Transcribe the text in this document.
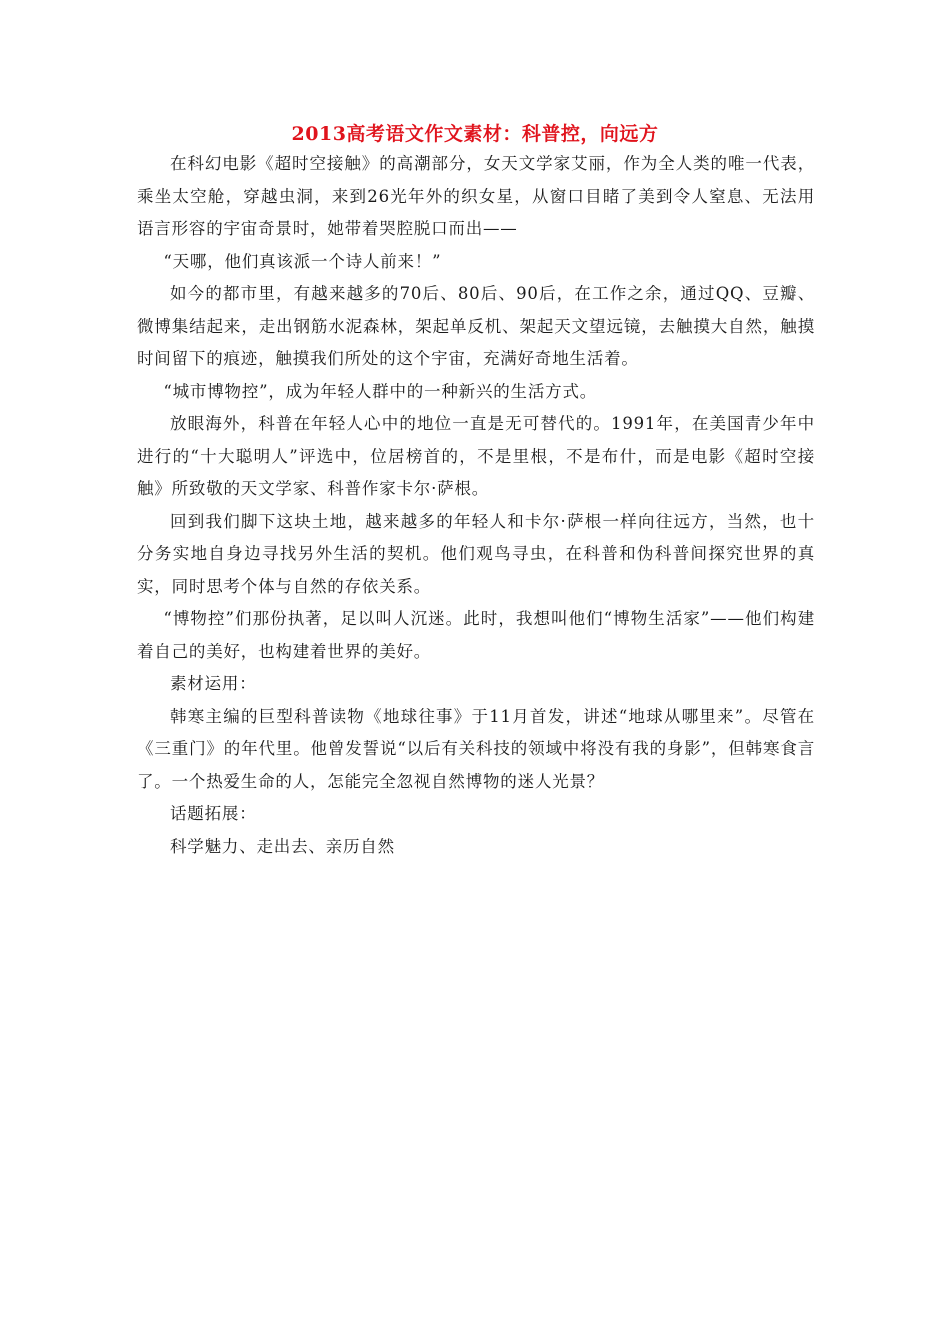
2013高考语文作文素材：科普控，向远方

在科幻电影《超时空接触》的高潮部分，女天文学家艾丽，作为全人类的唯一代表，乘坐太空舱，穿越虫洞，来到26光年外的织女星，从窗口目睹了美到令人窒息、无法用语言形容的宇宙奇景时，她带着哭腔脱口而出——

“天哪，他们真该派一个诗人前来！”

如今的都市里，有越来越多的70后、80后、90后，在工作之余，通过QQ、豆瓣、微博集结起来，走出钢筋水泥森林，架起单反机、架起天文望远镜，去触摸大自然，触摸时间留下的痕迹，触摸我们所处的这个宇宙，充满好奇地生活着。

“城市博物控”，成为年轻人群中的一种新兴的生活方式。

放眼海外，科普在年轻人心中的地位一直是无可替代的。1991年，在美国青少年中进行的“十大聪明人”评选中，位居榜首的，不是里根，不是布什，而是电影《超时空接触》所致敬的天文学家、科普作家卡尔·萨根。

回到我们脚下这块土地，越来越多的年轻人和卡尔·萨根一样向往远方，当然，也十分务实地自身边寻找另外生活的契机。他们观鸟寻虫，在科普和伪科普间探究世界的真实，同时思考个体与自然的存依关系。

“博物控”们那份执著，足以叫人沉迷。此时，我想叫他们“博物生活家”——他们构建着自己的美好，也构建着世界的美好。

素材运用：

韩寒主编的巨型科普读物《地球往事》于11月首发，讲述“地球从哪里来”。尽管在《三重门》的年代里。他曾发誓说“以后有关科技的领域中将没有我的身影”，但韩寒食言了。一个热爱生命的人，怎能完全忽视自然博物的迷人光景？

话题拓展：

科学魅力、走出去、亲历自然
